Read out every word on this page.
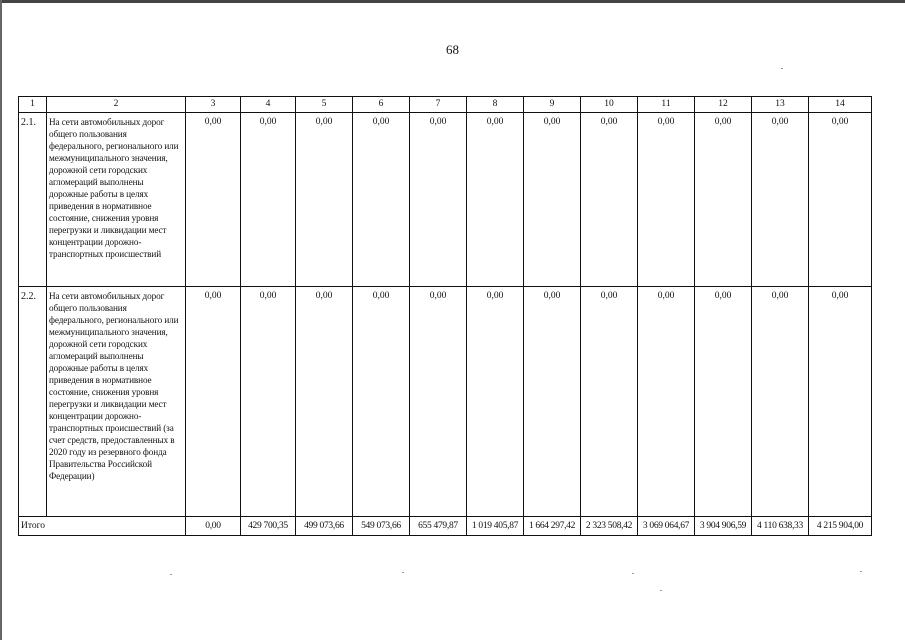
68
1	2	3	4	5	6	7	8	9	10	11	12	13	14
2.1.	На сети автомобильных дорог общего пользования федерального, регионального или межмуниципального значения, дорожной сети городских агломераций выполнены дорожные работы в целях приведения в нормативное состояние, снижения уровня перегрузки и ликвидации мест концентрации дорожно-транспортных происшествий	0,00	0,00	0,00	0,00	0,00	0,00	0,00	0,00	0,00	0,00	0,00	0,00
2.2.	На сети автомобильных дорог общего пользования федерального, регионального или межмуниципального значения, дорожной сети городских агломераций выполнены дорожные работы в целях приведения в нормативное состояние, снижения уровня перегрузки и ликвидации мест концентрации дорожно-транспортных происшествий (за счет средств, предоставленных в 2020 году из резервного фонда Правительства Российской Федерации)	0,00	0,00	0,00	0,00	0,00	0,00	0,00	0,00	0,00	0,00	0,00	0,00
Итого		0,00	429 700,35	499 073,66	549 073,66	655 479,87	1 019 405,87	1 664 297,42	2 323 508,42	3 069 064,67	3 904 906,59	4 110 638,33	4 215 904,00
